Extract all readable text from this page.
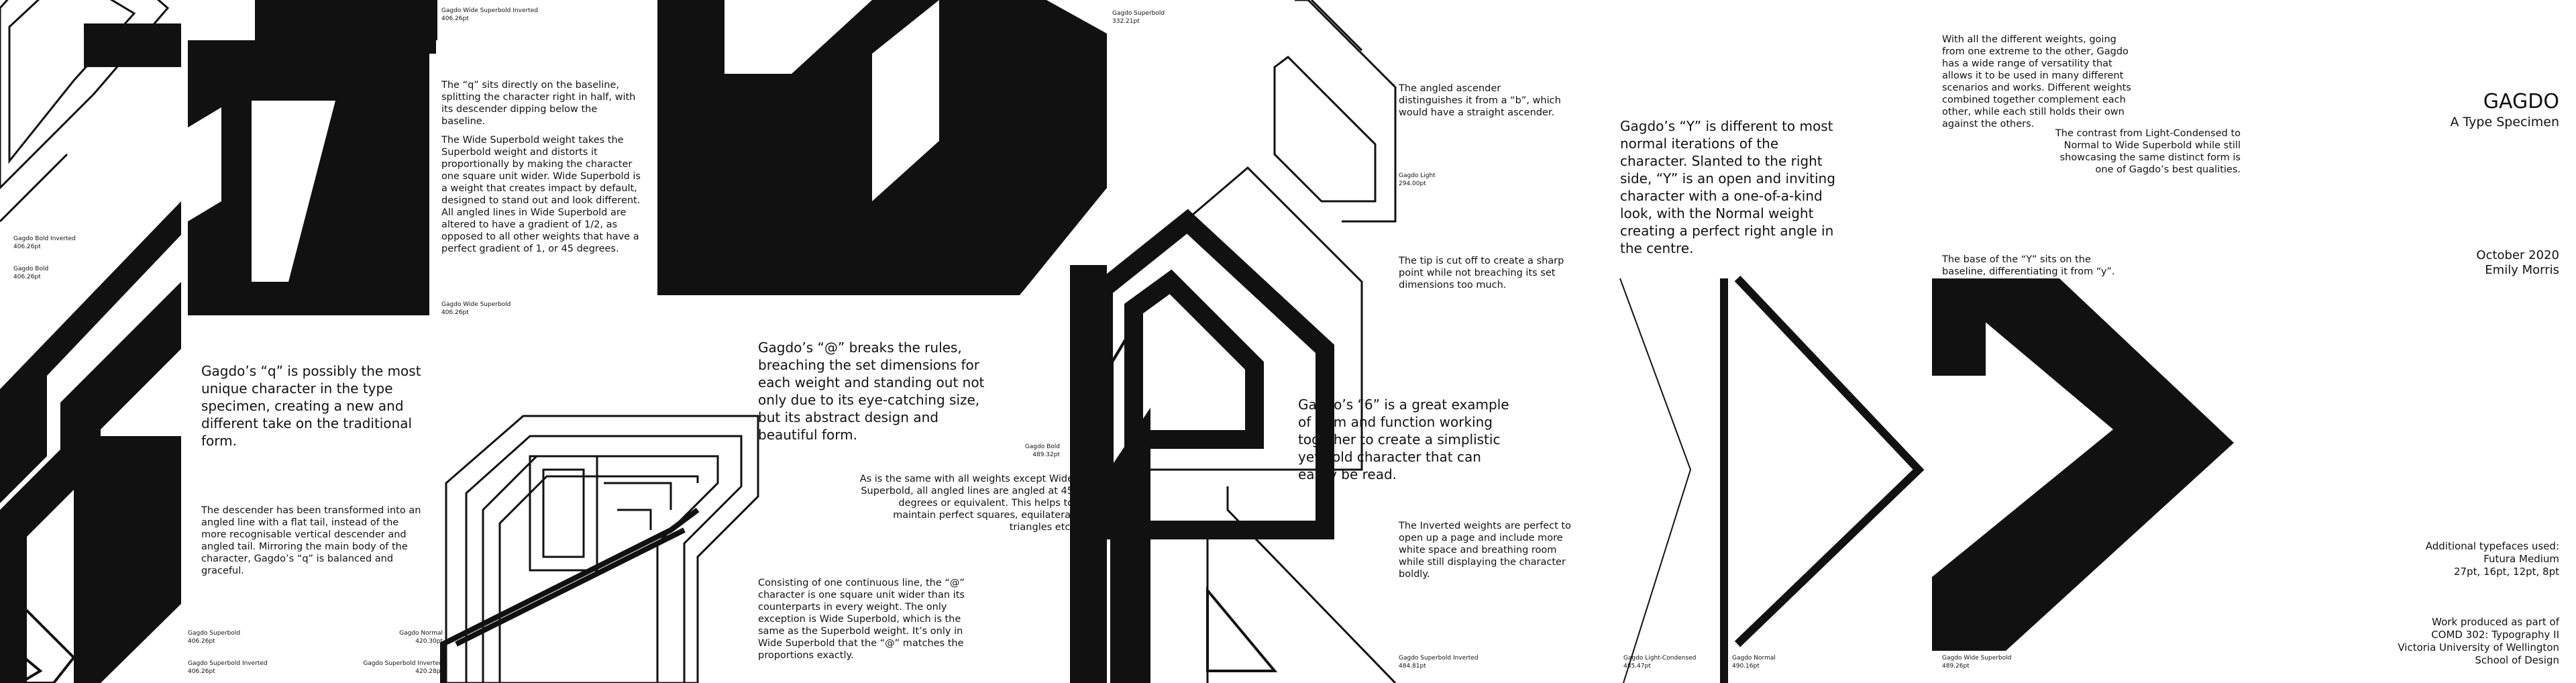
Gagdo Bold Inverted
406.26pt
Gagdo Bold
406.26pt
Gagdo’s “q” is possibly the most unique character in the type specimen, creating a new and different take on the traditional form.
The descender has been transformed into an angled line with a flat tail, instead of the more recognisable vertical descender and angled tail. Mirroring the main body of the character, Gagdo’s “q” is balanced and graceful.
Gagdo Superbold
406.26pt
Gagdo Superbold Inverted
406.26pt
Gagdo Wide Superbold Inverted
406.26pt
The “q” sits directly on the baseline, splitting the character right in half, with its descender dipping below the baseline.
The Wide Superbold weight takes the Superbold weight and distorts it proportionally by making the character one square unit wider. Wide Superbold is a weight that creates impact by default, designed to stand out and look different. All angled lines in Wide Superbold are altered to have a gradient of 1/2, as opposed to all other weights that have a perfect gradient of 1, or 45 degrees.
Gagdo Wide Superbold
406.26pt
Gagdo Normal
420.30pt
Gagdo Superbold Inverted
420.28pt
Gagdo Superbold
332.21pt
Gagdo’s “@” breaks the rules, breaching the set dimensions for each weight and standing out not only due to its eye-catching size, but its abstract design and beautiful form.
Gagdo Bold
489.32pt
As is the same with all weights except Wide Superbold, all angled lines are angled at 45 degrees or equivalent. This helps to maintain perfect squares, equilateral triangles etc.
Consisting of one continuous line, the “@” character is one square unit wider than its counterparts in every weight. The only exception is Wide Superbold, which is the same as the Superbold weight. It’s only in Wide Superbold that the “@” matches the proportions exactly.
The angled ascender distinguishes it from a “b”, which would have a straight ascender.
Gagdo Light
294.00pt
The tip is cut off to create a sharp point while not breaching its set dimensions too much.
Gagdo’s “6” is a great example of form and function working together to create a simplistic yet bold character that can easily be read.
The Inverted weights are perfect to open up a page and include more white space and breathing room while still displaying the character boldly.
Gagdo Superbold Inverted
484.81pt
Gagdo’s “Y” is different to most normal iterations of the character. Slanted to the right side, “Y” is an open and inviting character with a one-of-a-kind look, with the Normal weight creating a perfect right angle in the centre.
Gagdo Light-Condensed
485.47pt
Gagdo Normal
490.16pt
With all the different weights, going from one extreme to the other, Gagdo has a wide range of versatility that allows it to be used in many different scenarios and works. Different weights combined together complement each other, while each still holds their own against the others.
The contrast from Light-Condensed to Normal to Wide Superbold while still showcasing the same distinct form is one of Gagdo’s best qualities.
The base of the “Y” sits on the baseline, differentiating it from “y”.
Gagdo Wide Superbold
489.26pt
GAGDO
A Type Specimen
October 2020
Emily Morris
Additional typefaces used:
Futura Medium
27pt, 16pt, 12pt, 8pt
Work produced as part of
COMD 302: Typography II
Victoria University of Wellington
School of Design
